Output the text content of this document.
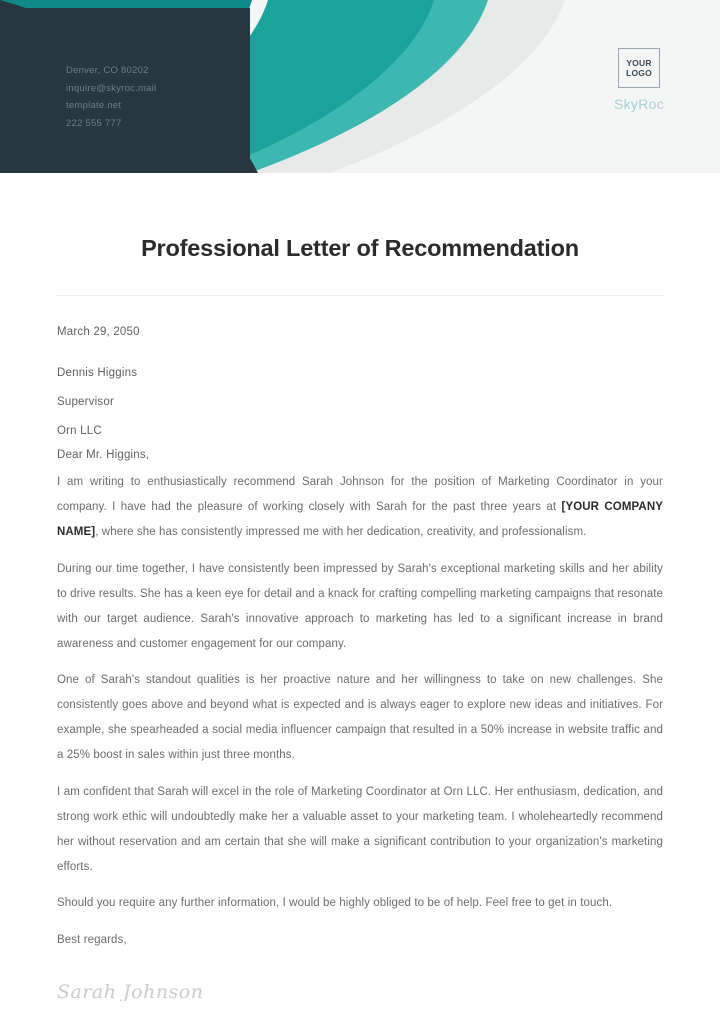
Denver, CO 80202
inquire@skyroc.mail
template.net
222 555 777
YOUR
LOGO
SkyRoc
Professional Letter of Recommendation
March 29, 2050
Dennis Higgins
Supervisor
Orn LLC
Dear Mr. Higgins,

I am writing to enthusiastically recommend Sarah Johnson for the position of Marketing Coordinator in your company. I have had the pleasure of working closely with Sarah for the past three years at [YOUR COMPANY NAME], where she has consistently impressed me with her dedication, creativity, and professionalism.

During our time together, I have consistently been impressed by Sarah's exceptional marketing skills and her ability to drive results. She has a keen eye for detail and a knack for crafting compelling marketing campaigns that resonate with our target audience. Sarah's innovative approach to marketing has led to a significant increase in brand awareness and customer engagement for our company.

One of Sarah's standout qualities is her proactive nature and her willingness to take on new challenges. She consistently goes above and beyond what is expected and is always eager to explore new ideas and initiatives. For example, she spearheaded a social media influencer campaign that resulted in a 50% increase in website traffic and a 25% boost in sales within just three months.

I am confident that Sarah will excel in the role of Marketing Coordinator at Orn LLC. Her enthusiasm, dedication, and strong work ethic will undoubtedly make her a valuable asset to your marketing team. I wholeheartedly recommend her without reservation and am certain that she will make a significant contribution to your organization's marketing efforts.

Should you require any further information, I would be highly obliged to be of help. Feel free to get in touch.

Best regards,
Sarah Johnson
